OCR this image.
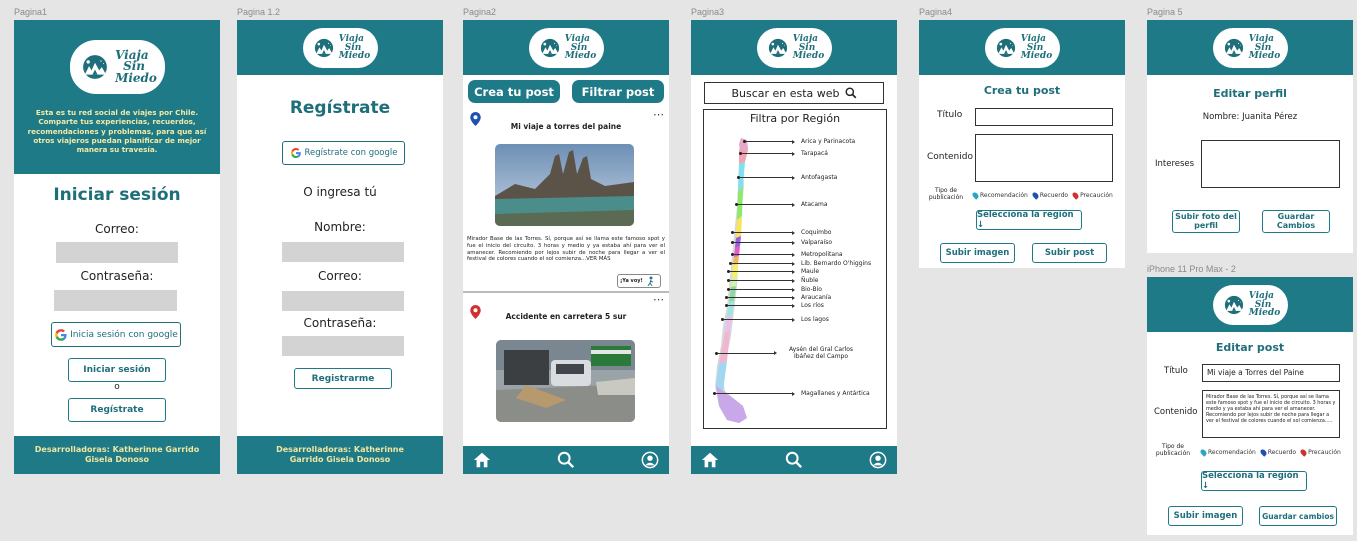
Pagina1
Viaja
Sin
Miedo
Esta es tu red social de viajes por Chile. Comparte tus experiencias, recuerdos, recomendaciones y problemas, para que así otros viajeros puedan planificar de mejor manera su travesía.
Iniciar sesión
Correo:
Contraseña:
Inicia sesión con google
Iniciar sesión
o
Regístrate
Desarrolladoras: Katherinne Garrido Gisela Donoso
Pagina 1.2
Viaja
Sin
Miedo
Regístrate
Regístrate con google
O ingresa tú
Nombre:
Correo:
Contraseña:
Registrarme
Desarrolladoras: Katherinne Garrido Gisela Donoso
Pagina2
Viaja
Sin
Miedo
Crea tu post Filtrar post
⋯
Mi viaje a torres del paine
Mirador Base de las Torres. Sí, porque así se llama este famoso spot y fue el inicio del circuito. 3 horas y medio y ya estaba ahí para ver el amanecer. Recomiendo por lejos subir de noche para llegar a ver el festival de colores cuando el sol comienza...VER MÁS
¡Ya voy!
⋯
Accidente en carretera 5 sur
Pagina3
Viaja
Sin
Miedo
Buscar en esta web
Filtra por Región
Arica y Parinacota
Tarapacá
Antofagasta
Atacama
Coquimbo
Valparaíso
Metropolitana
Lib. Bernardo O'higgins
Maule
Ñuble
Bio-Bío
Araucanía
Los ríos
Los lagos
Aysén del Gral Carlos Ibáñez del Campo
Magallanes y Antártica
Pagina4
Viaja
Sin
Miedo
Crea tu post
Título
Contenido
Tipo de publicación	Recomendación Recuerdo Precaución
Selecciona la región ↓
Subir imagen	Subir post
Pagina 5
Viaja
Sin
Miedo
Editar perfil
Nombre: Juanita Pérez
Intereses
Subir foto del perfil
Guardar Cambios
iPhone 11 Pro Max - 2
Viaja
Sin
Miedo
Editar post
Título	Mi viaje a Torres del Paine
Contenido
Mirador Base de las Torres. Sí, porque así se llama este famoso spot y fue el inicio de circuito. 3 horas y medio y ya estaba ahí para ver el amanecer. Recomiendo por lejos subir de noche para llegar a ver el festival de colores cuando el sol comienza.....
Tipo de publicación	Recomendación Recuerdo Precaución
Selecciona la región ↓
Subir imagen	Guardar cambios
